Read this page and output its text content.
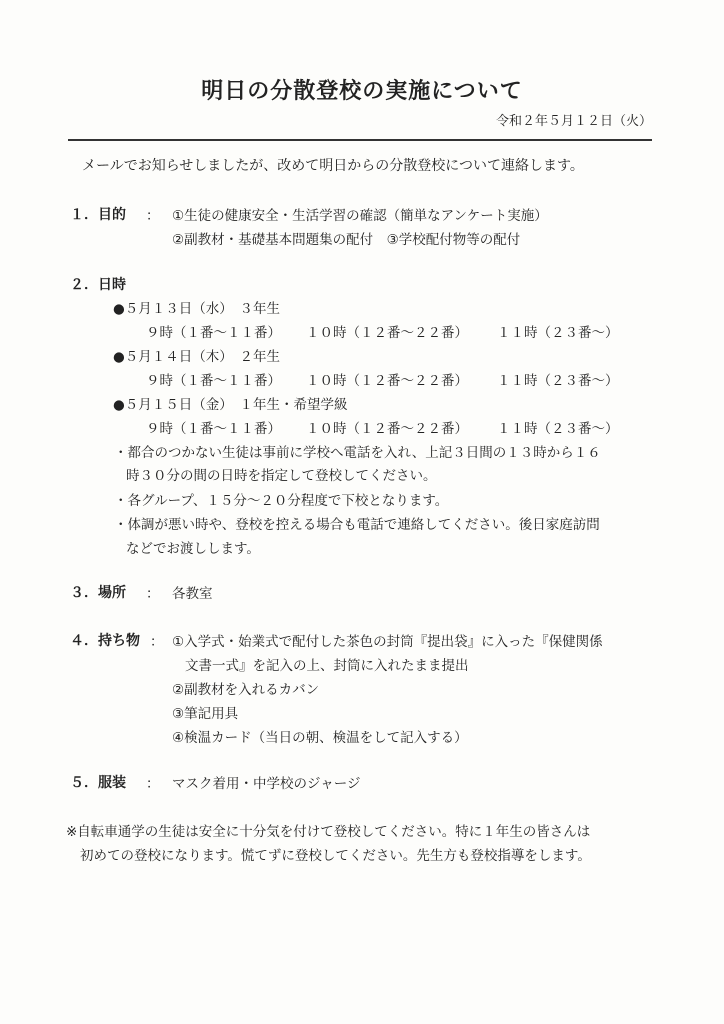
明日の分散登校の実施について
令和２年５月１２日（火）
メールでお知らせしましたが、改めて明日からの分散登校について連絡します。
１．目的 ： ①生徒の健康安全・生活学習の確認（簡単なアンケート実施）
②副教材・基礎基本問題集の配付　③学校配付物等の配付
２．日時
●５月１３日（水）　３年生
９時（１番〜１１番） １０時（１２番〜２２番） １１時（２３番〜）
●５月１４日（木）　２年生
９時（１番〜１１番） １０時（１２番〜２２番） １１時（２３番〜）
●５月１５日（金）　１年生・希望学級
９時（１番〜１１番） １０時（１２番〜２２番） １１時（２３番〜）
・都合のつかない生徒は事前に学校へ電話を入れ、上記３日間の１３時から１６
時３０分の間の日時を指定して登校してください。
・各グループ、１５分〜２０分程度で下校となります。
・体調が悪い時や、登校を控える場合も電話で連絡してください。後日家庭訪問
などでお渡しします。
３．場所 ： 各教室
４．持ち物 ： ①入学式・始業式で配付した茶色の封筒『提出袋』に入った『保健関係
文書一式』を記入の上、封筒に入れたまま提出
②副教材を入れるカバン
③筆記用具
④検温カード（当日の朝、検温をして記入する）
５．服装 ： マスク着用・中学校のジャージ
※自転車通学の生徒は安全に十分気を付けて登校してください。特に１年生の皆さんは
初めての登校になります。慌てずに登校してください。先生方も登校指導をします。
